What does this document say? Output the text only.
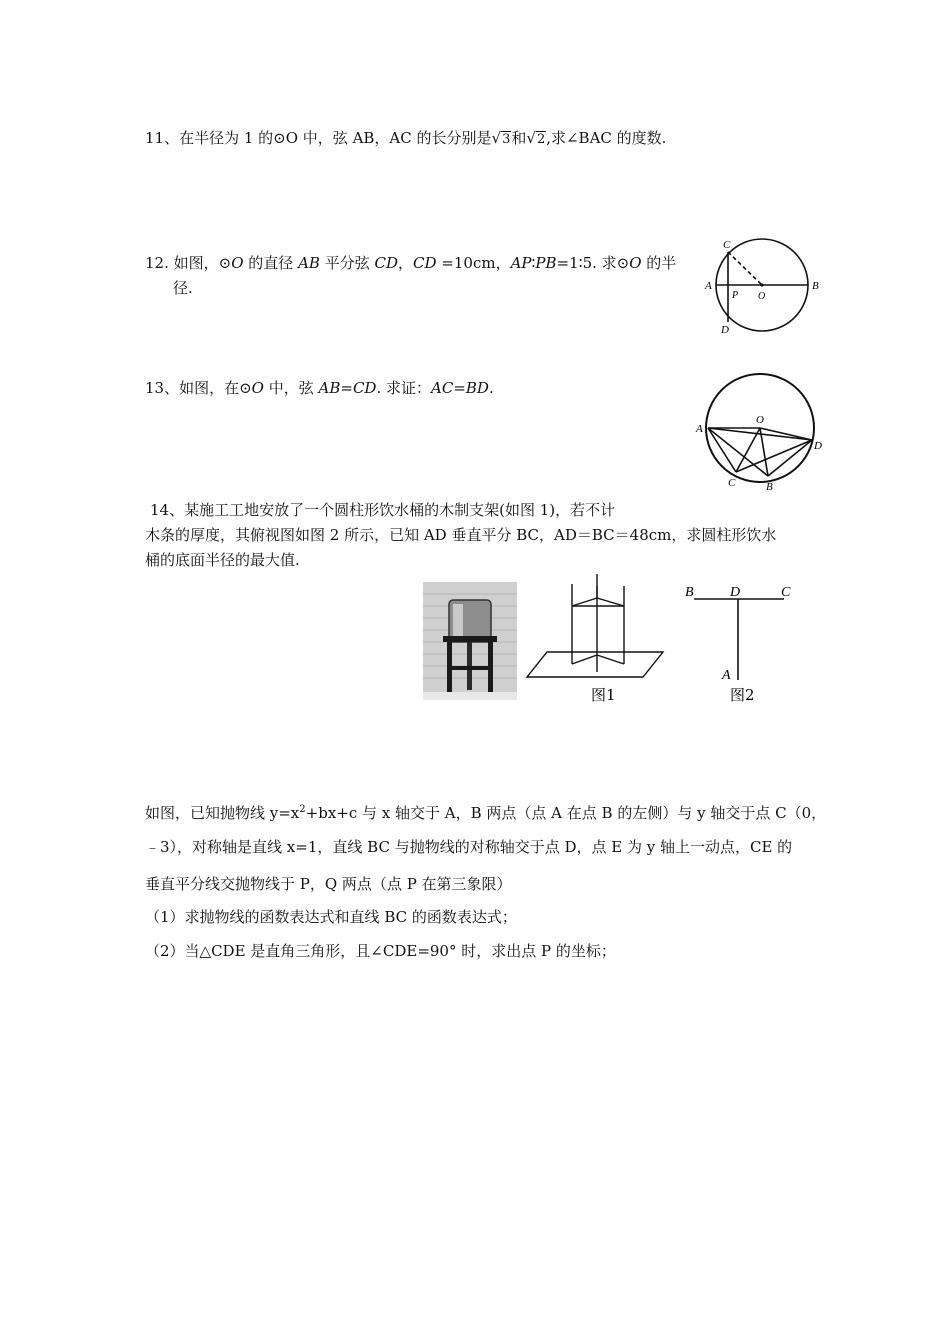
11、在半径为 1 的⊙O 中，弦 AB，AC 的长分别是√3和√2,求∠BAC 的度数.
12. 如图，⊙O 的直径 AB 平分弦 CD，CD =10cm，AP∶PB=1∶5. 求⊙O 的半
径.
C
A
P O
B
D
13、如图，在⊙O 中，弦 AB=CD. 求证：AC=BD.
O
A
D
C	B
14、某施工工地安放了一个圆柱形饮水桶的木制支架(如图 1)，若不计
木条的厚度，其俯视图如图 2 所示，已知 AD 垂直平分 BC，AD＝BC＝48cm，求圆柱形饮水
桶的底面半径的最大值.
图1
B	D	C
A
图2
如图，已知抛物线 $y=x^2+bx+c$ 与 x 轴交于 A，B 两点（点 A 在点 B 的左侧）与 y 轴交于点 C（0，
﹣3），对称轴是直线 x=1，直线 BC 与抛物线的对称轴交于点 D，点 E 为 y 轴上一动点，CE 的
垂直平分线交抛物线于 P，Q 两点（点 P 在第三象限）
（1）求抛物线的函数表达式和直线 BC 的函数表达式；
（2）当△CDE 是直角三角形，且∠CDE=90° 时，求出点 P 的坐标；
